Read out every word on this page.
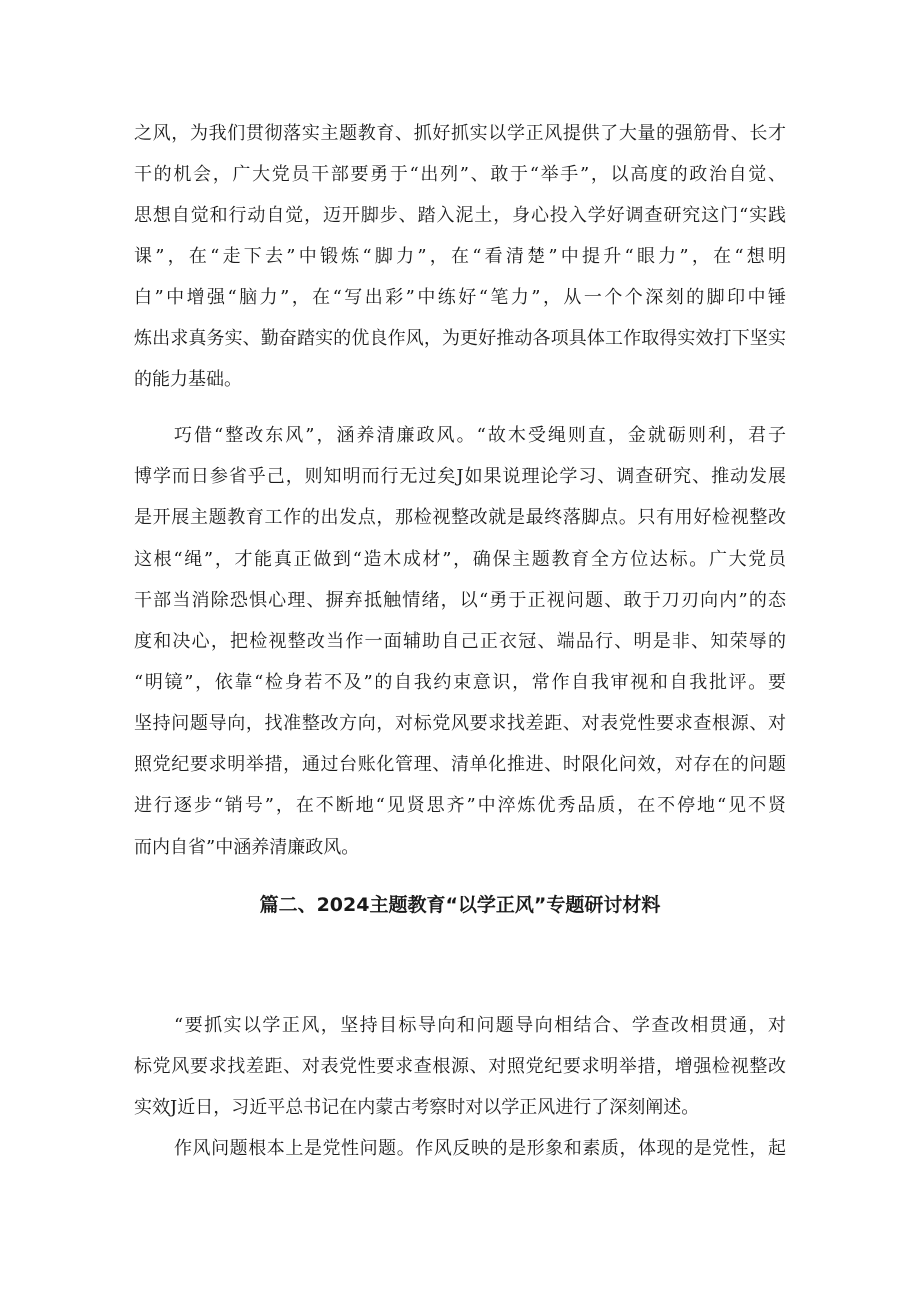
之风，为我们贯彻落实主题教育、抓好抓实以学正风提供了大量的强筋骨、长才
干的机会，广大党员干部要勇于“出列”、敢于“举手”，以高度的政治自觉、
思想自觉和行动自觉，迈开脚步、踏入泥土，身心投入学好调查研究这门“实践
课”，在“走下去”中锻炼“脚力”，在“看清楚”中提升“眼力”，在“想明
白”中增强“脑力”，在“写出彩”中练好“笔力”，从一个个深刻的脚印中锤
炼出求真务实、勤奋踏实的优良作风，为更好推动各项具体工作取得实效打下坚实
的能力基础。
巧借“整改东风”，涵养清廉政风。“故木受绳则直，金就砺则利，君子
博学而日参省乎己，则知明而行无过矣J如果说理论学习、调查研究、推动发展
是开展主题教育工作的出发点，那检视整改就是最终落脚点。只有用好检视整改
这根“绳”，才能真正做到“造木成材”，确保主题教育全方位达标。广大党员
干部当消除恐惧心理、摒弃抵触情绪，以“勇于正视问题、敢于刀刃向内”的态
度和决心，把检视整改当作一面辅助自己正衣冠、端品行、明是非、知荣辱的
“明镜”，依靠“检身若不及”的自我约束意识，常作自我审视和自我批评。要
坚持问题导向，找准整改方向，对标党风要求找差距、对表党性要求查根源、对
照党纪要求明举措，通过台账化管理、清单化推进、时限化问效，对存在的问题
进行逐步“销号”，在不断地“见贤思齐”中淬炼优秀品质，在不停地“见不贤
而内自省”中涵养清廉政风。
篇二、2024主题教育“以学正风”专题研讨材料
“要抓实以学正风，坚持目标导向和问题导向相结合、学查改相贯通，对
标党风要求找差距、对表党性要求查根源、对照党纪要求明举措，增强检视整改
实效J近日，习近平总书记在内蒙古考察时对以学正风进行了深刻阐述。
作风问题根本上是党性问题。作风反映的是形象和素质，体现的是党性，起
